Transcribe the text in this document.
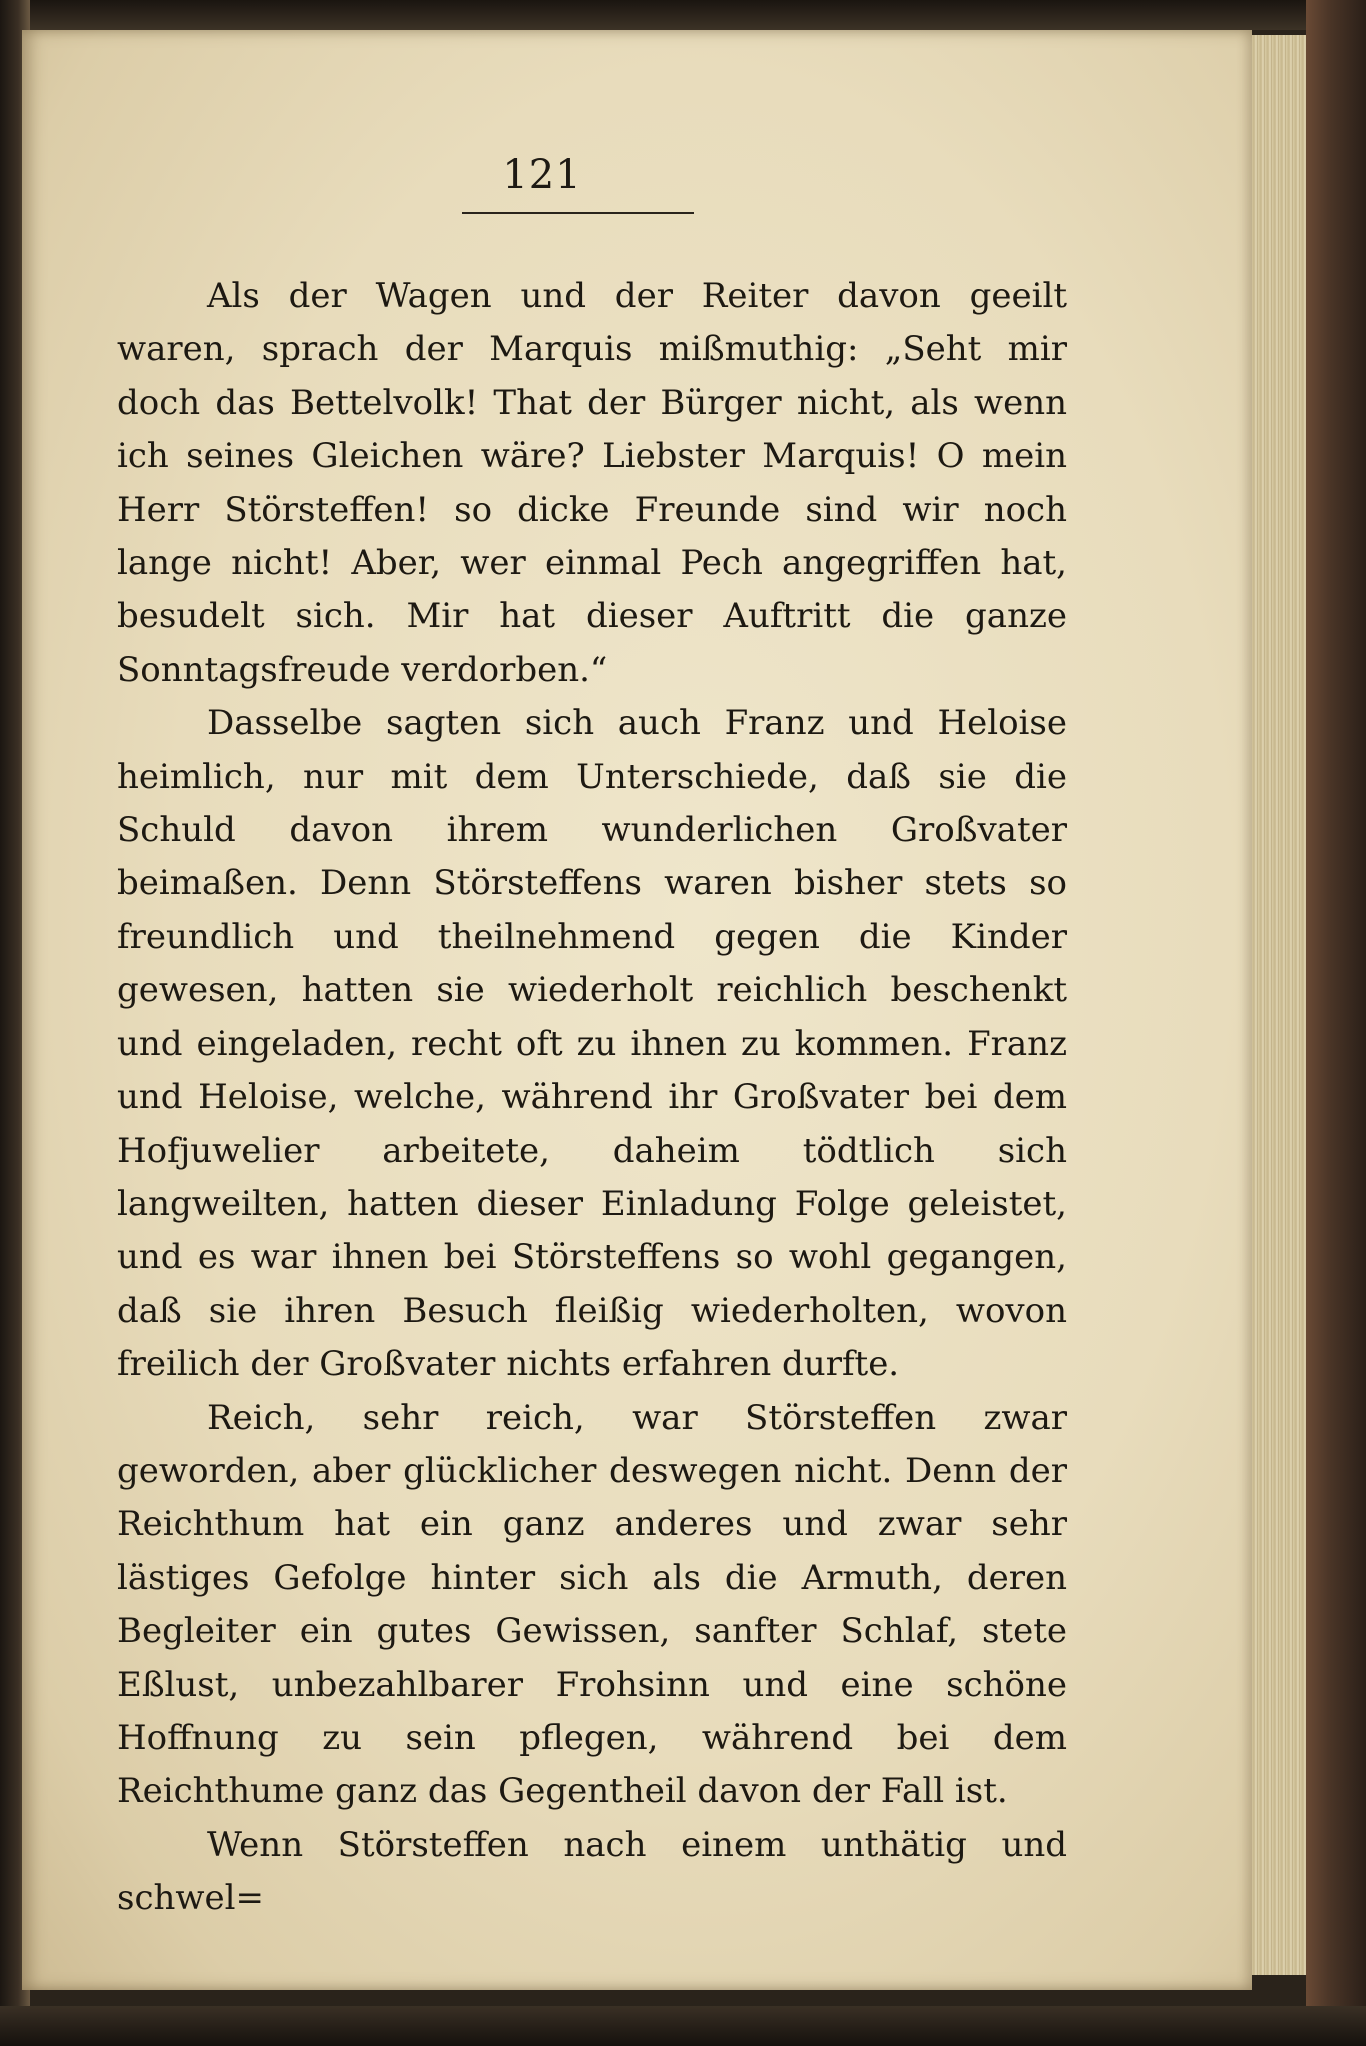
121

Als der Wagen und der Reiter davon geeilt waren, sprach der Marquis mißmuthig: „Seht mir doch das Bettelvolk! That der Bürger nicht, als wenn ich seines Gleichen wäre? Liebster Marquis! O mein Herr Störsteffen! so dicke Freunde sind wir noch lange nicht! Aber, wer einmal Pech angegriffen hat, besudelt sich. Mir hat dieser Auftritt die ganze Sonntagsfreude verdorben.“

Dasselbe sagten sich auch Franz und Heloise heimlich, nur mit dem Unterschiede, daß sie die Schuld davon ihrem wunderlichen Großvater beimaßen. Denn Störsteffens waren bisher stets so freundlich und theilnehmend gegen die Kinder gewesen, hatten sie wiederholt reichlich beschenkt und eingeladen, recht oft zu ihnen zu kommen. Franz und Heloise, welche, während ihr Großvater bei dem Hofjuwelier arbeitete, daheim tödtlich sich langweilten, hatten dieser Einladung Folge geleistet, und es war ihnen bei Störsteffens so wohl gegangen, daß sie ihren Besuch fleißig wiederholten, wovon freilich der Großvater nichts erfahren durfte.

Reich, sehr reich, war Störsteffen zwar geworden, aber glücklicher deswegen nicht. Denn der Reichthum hat ein ganz anderes und zwar sehr lästiges Gefolge hinter sich als die Armuth, deren Begleiter ein gutes Gewissen, sanfter Schlaf, stete Eßlust, unbezahlbarer Frohsinn und eine schöne Hoffnung zu sein pflegen, während bei dem Reichthume ganz das Gegentheil davon der Fall ist.

Wenn Störsteffen nach einem unthätig und schwel=
